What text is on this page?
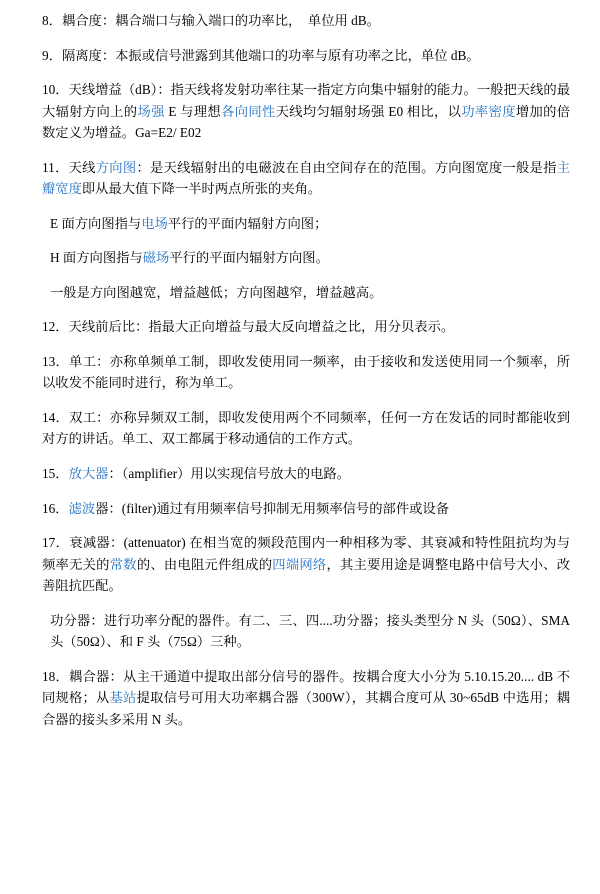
8．耦合度：耦合端口与输入端口的功率比，　单位用 dB。
9．隔离度：本振或信号泄露到其他端口的功率与原有功率之比，单位 dB。
10．天线增益（dB）：指天线将发射功率往某一指定方向集中辐射的能力。一般把天线的最大辐射方向上的场强 E 与理想各向同性天线均匀辐射场强 E0 相比，以功率密度增加的倍数定义为增益。Ga=E2/ E02
11．天线方向图：是天线辐射出的电磁波在自由空间存在的范围。方向图宽度一般是指主瓣宽度即从最大值下降一半时两点所张的夹角。
E 面方向图指与电场平行的平面内辐射方向图；
H 面方向图指与磁场平行的平面内辐射方向图。
一般是方向图越宽，增益越低；方向图越窄，增益越高。
12．天线前后比：指最大正向增益与最大反向增益之比，用分贝表示。
13．单工：亦称单频单工制，即收发使用同一频率，由于接收和发送使用同一个频率，所以收发不能同时进行，称为单工。
14．双工：亦称异频双工制，即收发使用两个不同频率，任何一方在发话的同时都能收到对方的讲话。单工、双工都属于移动通信的工作方式。
15．放大器：（amplifier）用以实现信号放大的电路。
16．滤波器：(filter)通过有用频率信号抑制无用频率信号的部件或设备
17．衰减器：(attenuator) 在相当宽的频段范围内一种相移为零、其衰减和特性阻抗均为与频率无关的常数的、由电阻元件组成的四端网络，其主要用途是调整电路中信号大小、改善阻抗匹配。
功分器：进行功率分配的器件。有二、三、四....功分器；接头类型分 N 头（50Ω）、SMA 头（50Ω）、和 F 头（75Ω）三种。
18．耦合器：从主干通道中提取出部分信号的器件。按耦合度大小分为 5.10.15.20.... dB 不同规格；从基站提取信号可用大功率耦合器（300W），其耦合度可从 30~65dB 中选用；耦合器的接头多采用 N 头。
